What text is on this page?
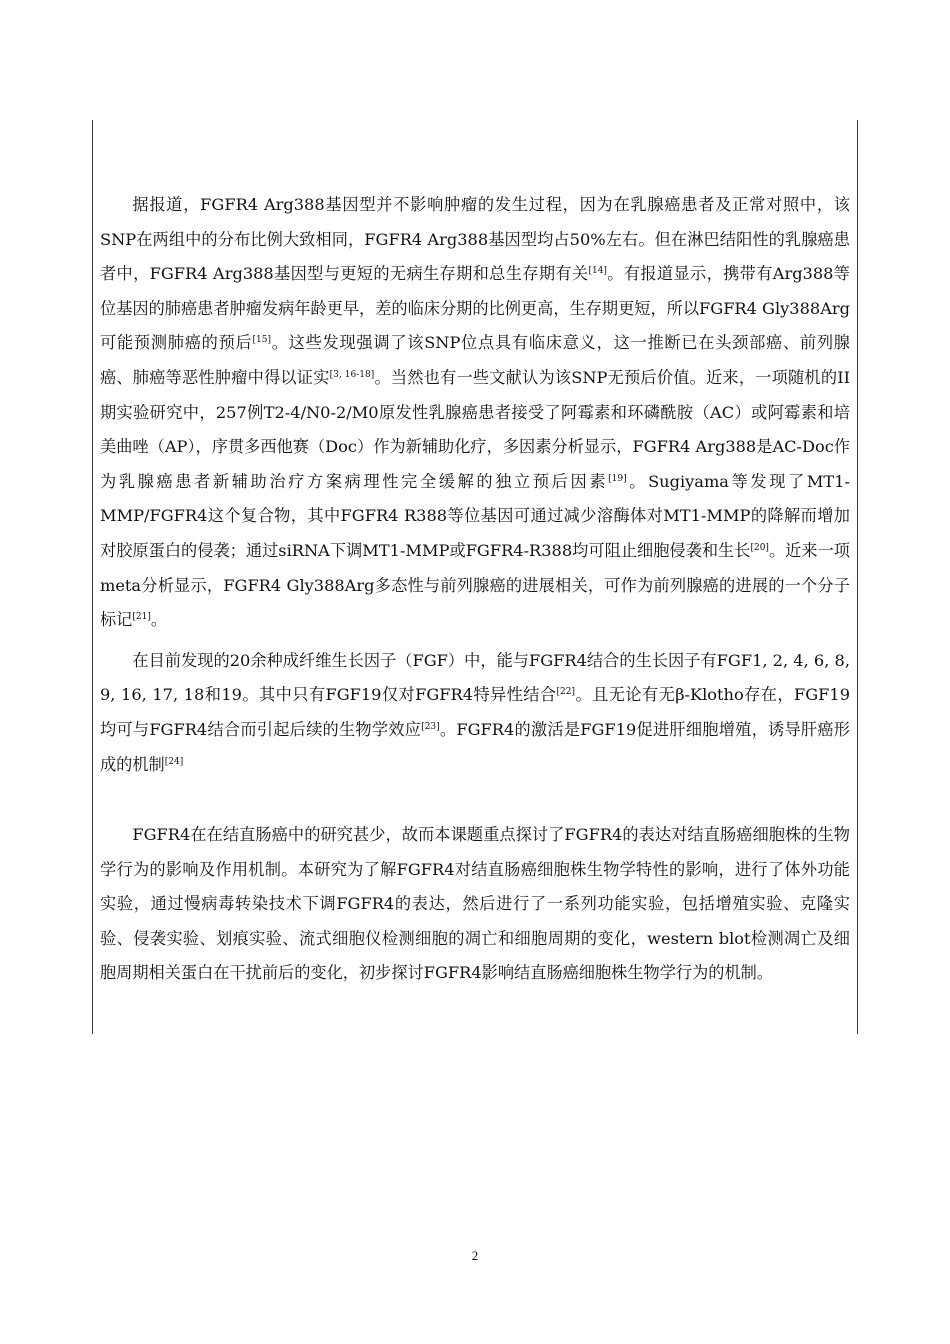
据报道，FGFR4 Arg388基因型并不影响肿瘤的发生过程，因为在乳腺癌患者及正常对照中，该SNP在两组中的分布比例大致相同，FGFR4 Arg388基因型均占50%左右。但在淋巴结阳性的乳腺癌患者中，FGFR4 Arg388基因型与更短的无病生存期和总生存期有关[14]。有报道显示，携带有Arg388等位基因的肺癌患者肿瘤发病年龄更早，差的临床分期的比例更高，生存期更短，所以FGFR4 Gly388Arg可能预测肺癌的预后[15]。这些发现强调了该SNP位点具有临床意义，这一推断已在头颈部癌、前列腺癌、肺癌等恶性肿瘤中得以证实[3, 16-18]。当然也有一些文献认为该SNP无预后价值。近来，一项随机的II期实验研究中，257例T2-4/N0-2/M0原发性乳腺癌患者接受了阿霉素和环磷酰胺（AC）或阿霉素和培美曲唑（AP），序贯多西他赛（Doc）作为新辅助化疗，多因素分析显示，FGFR4 Arg388是AC-Doc作为乳腺癌患者新辅助治疗方案病理性完全缓解的独立预后因素[19]。Sugiyama等发现了MT1-MMP/FGFR4这个复合物，其中FGFR4 R388等位基因可通过减少溶酶体对MT1-MMP的降解而增加对胶原蛋白的侵袭；通过siRNA下调MT1-MMP或FGFR4-R388均可阻止细胞侵袭和生长[20]。近来一项meta分析显示，FGFR4 Gly388Arg多态性与前列腺癌的进展相关，可作为前列腺癌的进展的一个分子标记[21]。

在目前发现的20余种成纤维生长因子（FGF）中，能与FGFR4结合的生长因子有FGF1, 2, 4, 6, 8, 9, 16, 17, 18和19。其中只有FGF19仅对FGFR4特异性结合[22]。且无论有无β-Klotho存在，FGF19均可与FGFR4结合而引起后续的生物学效应[23]。FGFR4的激活是FGF19促进肝细胞增殖，诱导肝癌形成的机制[24]

FGFR4在在结直肠癌中的研究甚少，故而本课题重点探讨了FGFR4的表达对结直肠癌细胞株的生物学行为的影响及作用机制。本研究为了解FGFR4对结直肠癌细胞株生物学特性的影响，进行了体外功能实验，通过慢病毒转染技术下调FGFR4的表达，然后进行了一系列功能实验，包括增殖实验、克隆实验、侵袭实验、划痕实验、流式细胞仪检测细胞的凋亡和细胞周期的变化，western blot检测凋亡及细胞周期相关蛋白在干扰前后的变化，初步探讨FGFR4影响结直肠癌细胞株生物学行为的机制。

2
